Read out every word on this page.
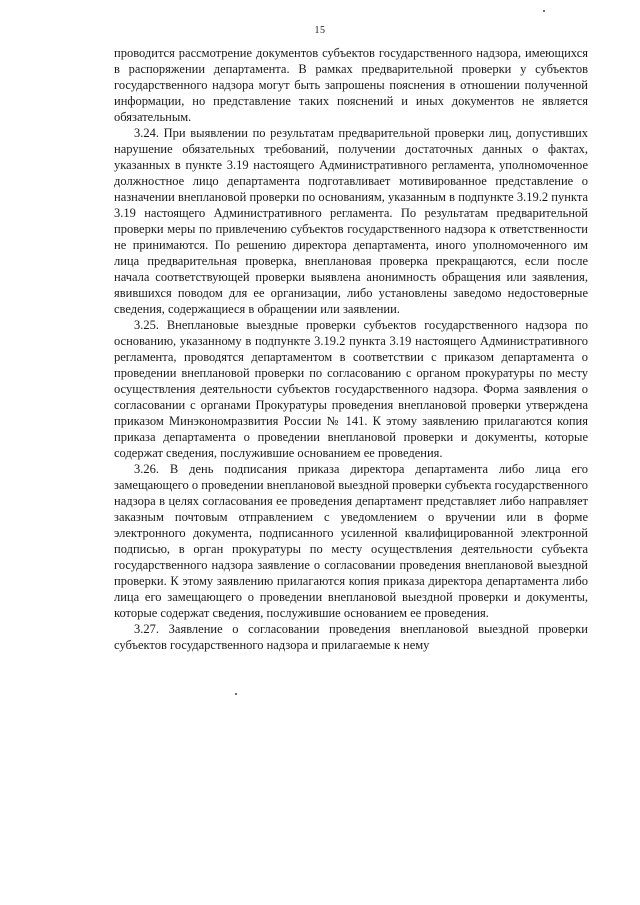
15

проводится рассмотрение документов субъектов государственного надзора, имеющихся в распоряжении департамента. В рамках предварительной проверки у субъектов государственного надзора могут быть запрошены пояснения в отношении полученной информации, но представление таких пояснений и иных документов не является обязательным.

3.24. При выявлении по результатам предварительной проверки лиц, допустивших нарушение обязательных требований, получении достаточных данных о фактах, указанных в пункте 3.19 настоящего Административного регламента, уполномоченное должностное лицо департамента подготавливает мотивированное представление о назначении внеплановой проверки по основаниям, указанным в подпункте 3.19.2 пункта 3.19 настоящего Административного регламента. По результатам предварительной проверки меры по привлечению субъектов государственного надзора к ответственности не принимаются. По решению директора департамента, иного уполномоченного им лица предварительная проверка, внеплановая проверка прекращаются, если после начала соответствующей проверки выявлена анонимность обращения или заявления, явившихся поводом для ее организации, либо установлены заведомо недостоверные сведения, содержащиеся в обращении или заявлении.

3.25. Внеплановые выездные проверки субъектов государственного надзора по основанию, указанному в подпункте 3.19.2 пункта 3.19 настоящего Административного регламента, проводятся департаментом в соответствии с приказом департамента о проведении внеплановой проверки по согласованию с органом прокуратуры по месту осуществления деятельности субъектов государственного надзора. Форма заявления о согласовании с органами Прокуратуры проведения внеплановой проверки утверждена приказом Минэкономразвития России № 141. К этому заявлению прилагаются копия приказа департамента о проведении внеплановой проверки и документы, которые содержат сведения, послужившие основанием ее проведения.

3.26. В день подписания приказа директора департамента либо лица его замещающего о проведении внеплановой выездной проверки субъекта государственного надзора в целях согласования ее проведения департамент представляет либо направляет заказным почтовым отправлением с уведомлением о вручении или в форме электронного документа, подписанного усиленной квалифицированной электронной подписью, в орган прокуратуры по месту осуществления деятельности субъекта государственного надзора заявление о согласовании проведения внеплановой выездной проверки. К этому заявлению прилагаются копия приказа директора департамента либо лица его замещающего о проведении внеплановой выездной проверки и документы, которые содержат сведения, послужившие основанием ее проведения.

3.27. Заявление о согласовании проведения внеплановой выездной проверки субъектов государственного надзора и прилагаемые к нему
